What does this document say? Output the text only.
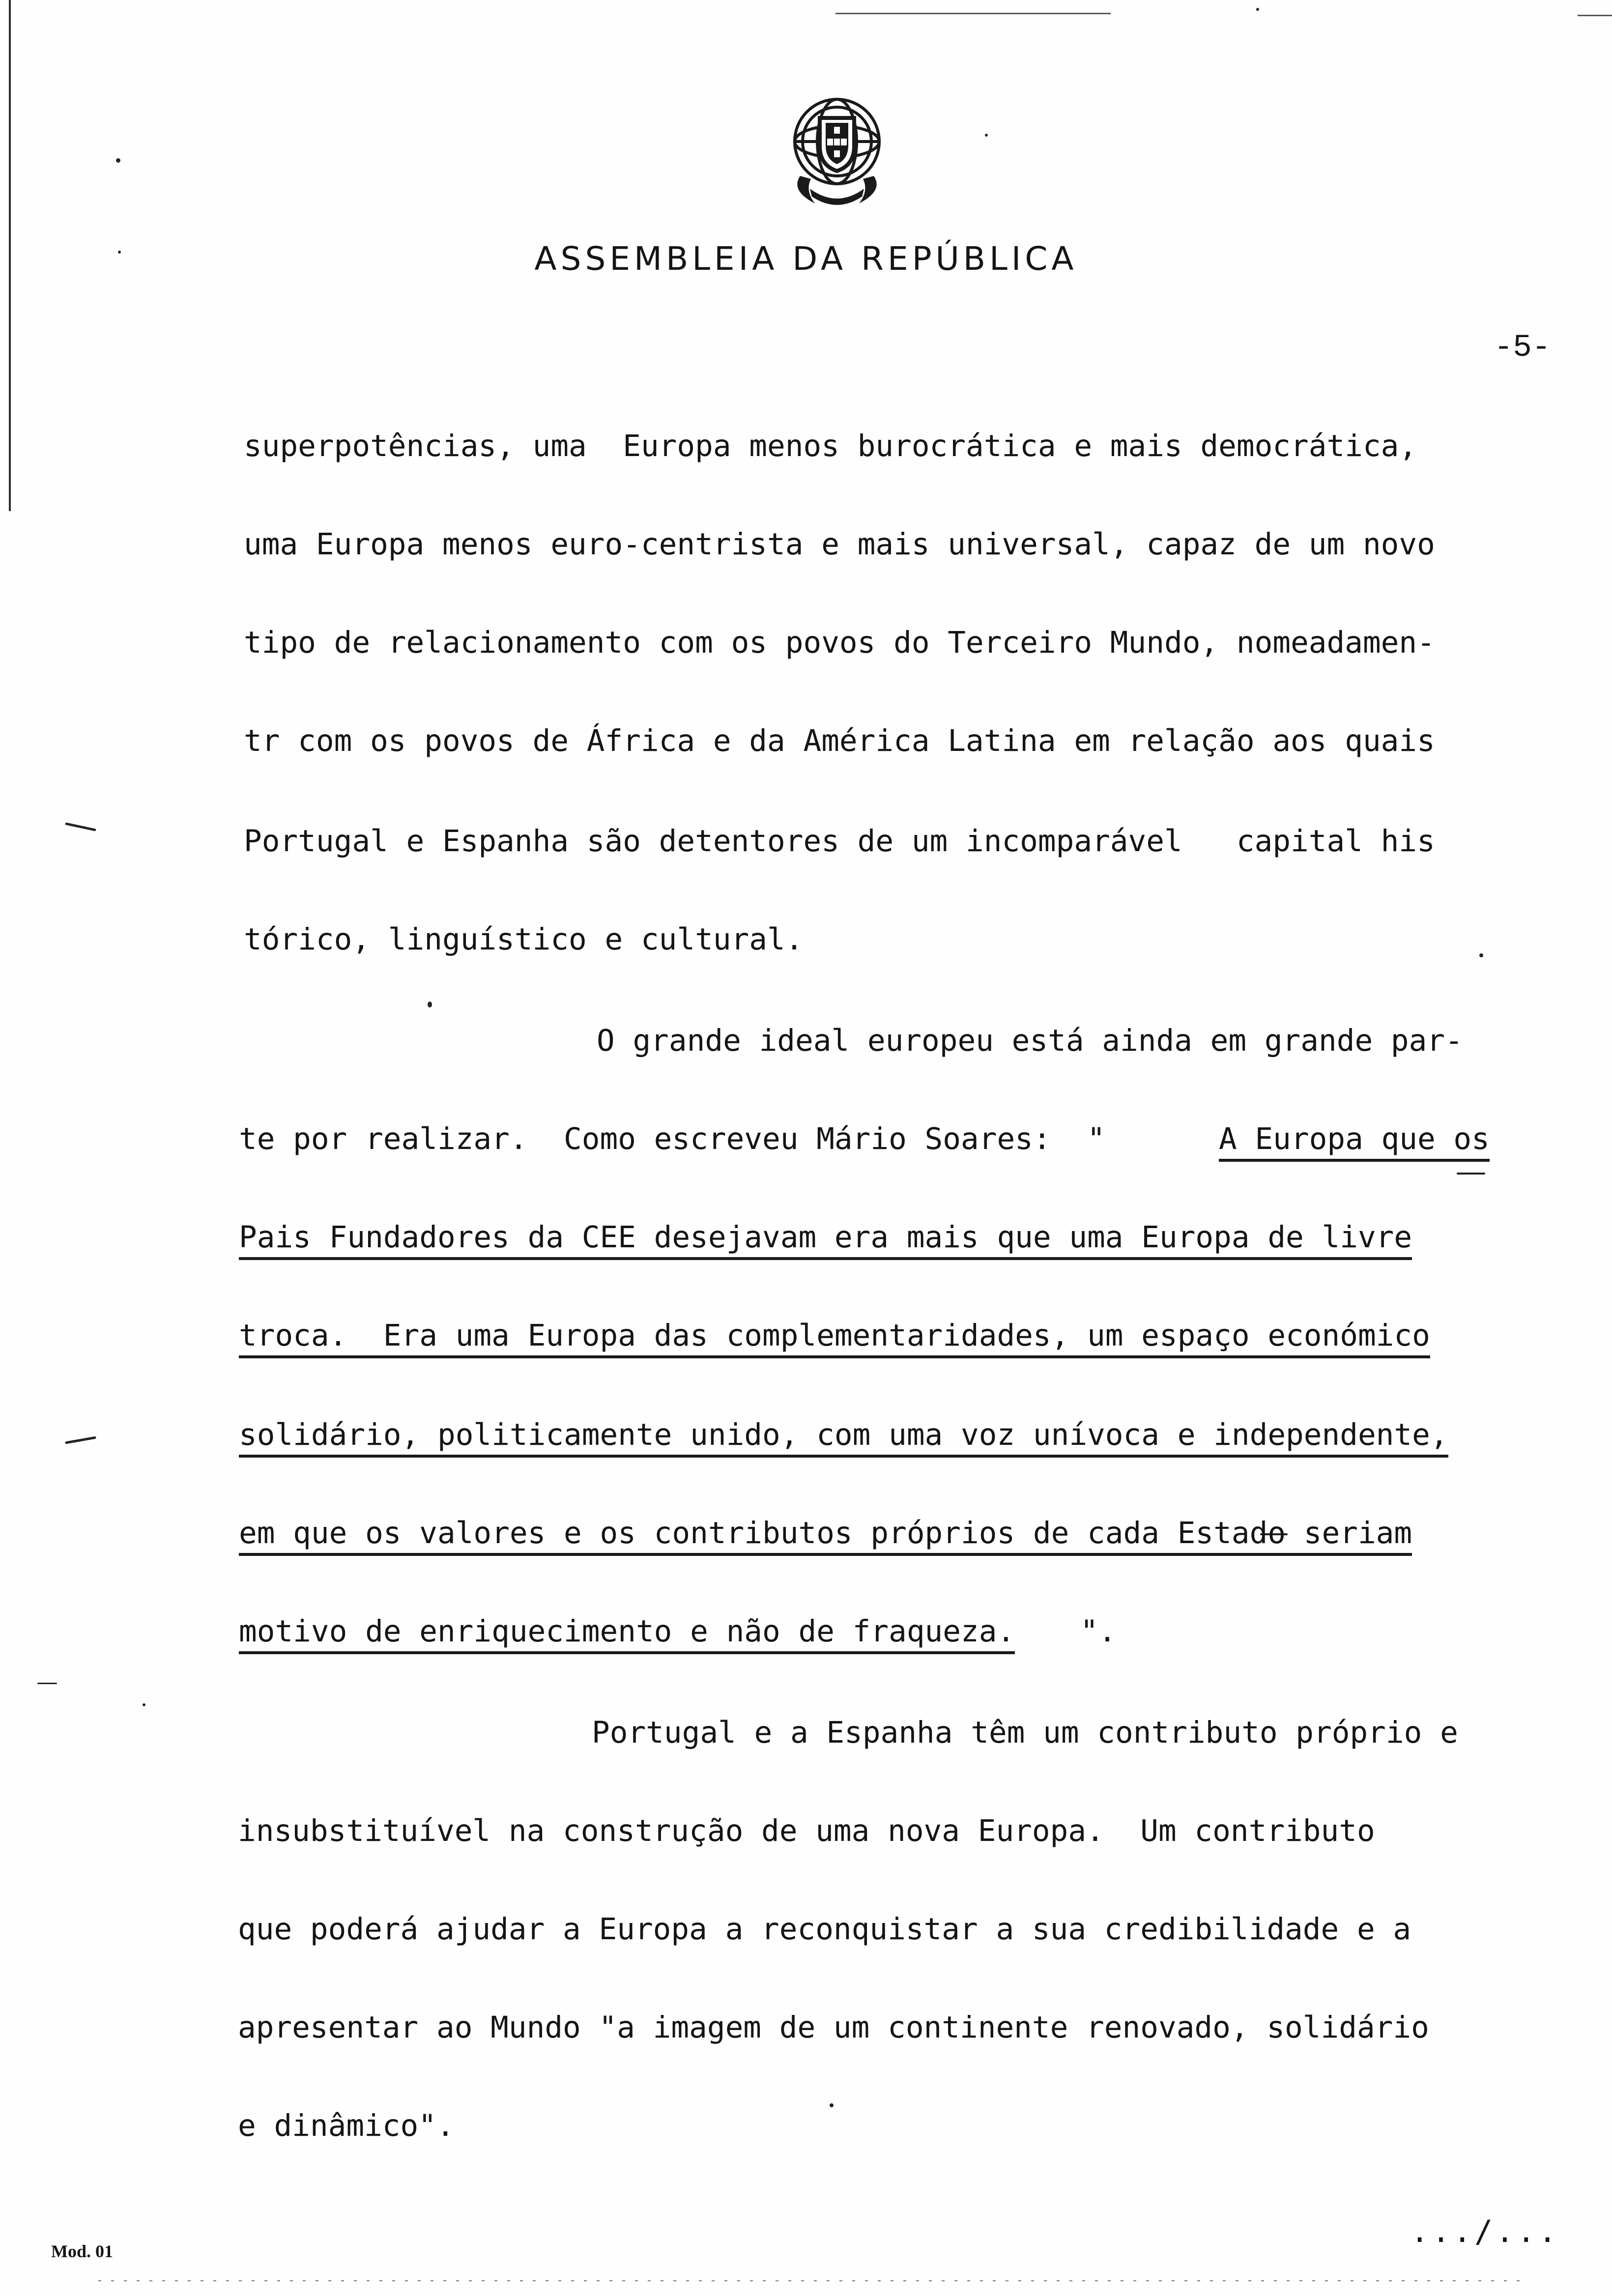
ASSEMBLEIA DA REPÚBLICA
-5-
superpotências, uma  Europa menos burocrática e mais democrática,
uma Europa menos euro-centrista e mais universal, capaz de um novo
tipo de relacionamento com os povos do Terceiro Mundo, nomeadamen-
tr com os povos de África e da América Latina em relação aos quais
Portugal e Espanha são detentores de um incomparável   capital his
tórico, linguístico e cultural.
O grande ideal europeu está ainda em grande par-
te por realizar.  Como escreveu Mário Soares:  "	A Europa que os
Pais Fundadores da CEE desejavam era mais que uma Europa de livre
troca.  Era uma Europa das complementaridades, um espaço económico
solidário, politicamente unido, com uma voz unívoca e independente,
em que os valores e os contributos próprios de cada Estado seriam
motivo de enriquecimento e não de fraqueza. ".
Portugal e a Espanha têm um contributo próprio e
insubstituível na construção de uma nova Europa.  Um contributo
que poderá ajudar a Europa a reconquistar a sua credibilidade e a
apresentar ao Mundo "a imagem de um continente renovado, solidário
e dinâmico".
.../...
Mod. 01
